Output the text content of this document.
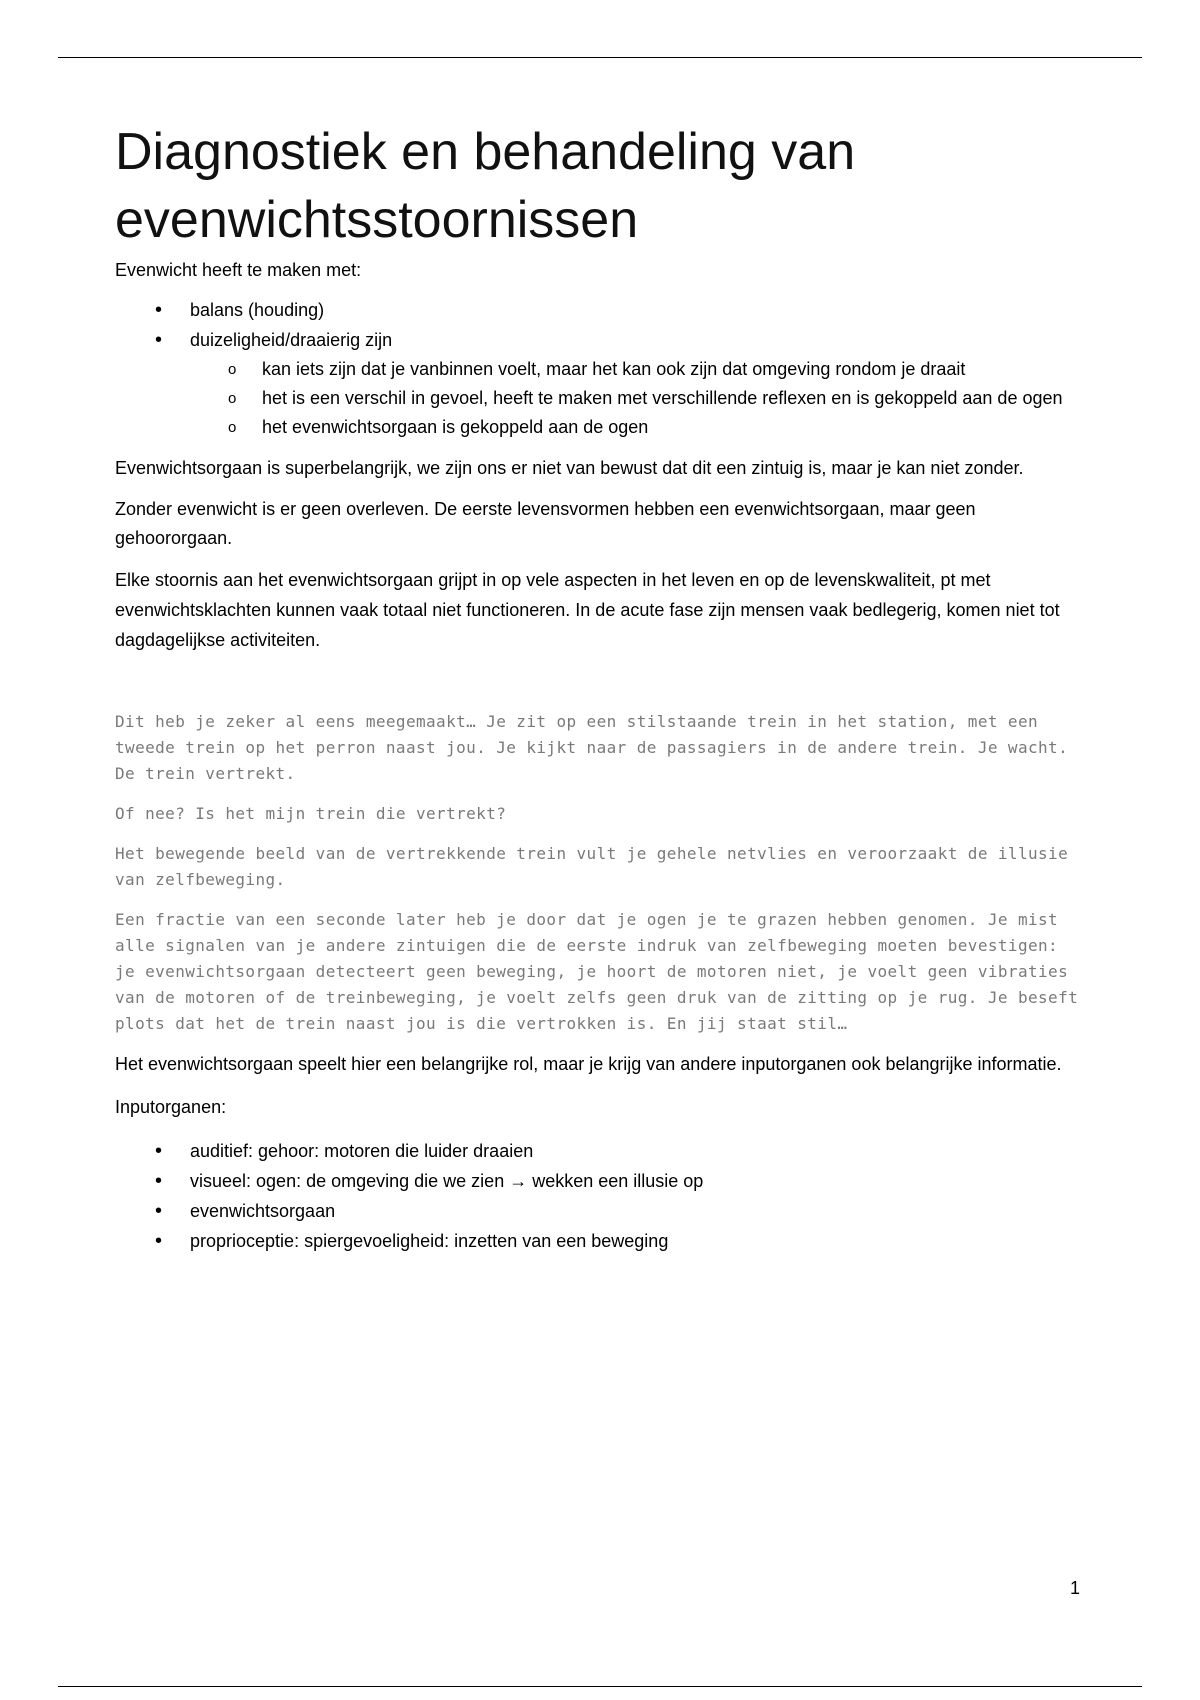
Diagnostiek en behandeling van
evenwichtsstoornissen

Evenwicht heeft te maken met:

• balans (houding)
• duizeligheid/draaierig zijn
o kan iets zijn dat je vanbinnen voelt, maar het kan ook zijn dat omgeving rondom je draait
o het is een verschil in gevoel, heeft te maken met verschillende reflexen en is gekoppeld aan de ogen
o het evenwichtsorgaan is gekoppeld aan de ogen

Evenwichtsorgaan is superbelangrijk, we zijn ons er niet van bewust dat dit een zintuig is, maar je kan niet zonder.

Zonder evenwicht is er geen overleven. De eerste levensvormen hebben een evenwichtsorgaan, maar geen gehoororgaan.

Elke stoornis aan het evenwichtsorgaan grijpt in op vele aspecten in het leven en op de levenskwaliteit, pt met evenwichtsklachten kunnen vaak totaal niet functioneren. In de acute fase zijn mensen vaak bedlegerig, komen niet tot dagdagelijkse activiteiten.

Dit heb je zeker al eens meegemaakt… Je zit op een stilstaande trein in het station, met een tweede trein op het perron naast jou. Je kijkt naar de passagiers in de andere trein. Je wacht. De trein vertrekt.

Of nee? Is het mijn trein die vertrekt?

Het bewegende beeld van de vertrekkende trein vult je gehele netvlies en veroorzaakt de illusie van zelfbeweging.

Een fractie van een seconde later heb je door dat je ogen je te grazen hebben genomen. Je mist alle signalen van je andere zintuigen die de eerste indruk van zelfbeweging moeten bevestigen: je evenwichtsorgaan detecteert geen beweging, je hoort de motoren niet, je voelt geen vibraties van de motoren of de treinbeweging, je voelt zelfs geen druk van de zitting op je rug. Je beseft plots dat het de trein naast jou is die vertrokken is. En jij staat stil…

Het evenwichtsorgaan speelt hier een belangrijke rol, maar je krijg van andere inputorganen ook belangrijke informatie.

Inputorganen:

• auditief: gehoor: motoren die luider draaien
• visueel: ogen: de omgeving die we zien → wekken een illusie op
• evenwichtsorgaan
• proprioceptie: spiergevoeligheid: inzetten van een beweging
1
